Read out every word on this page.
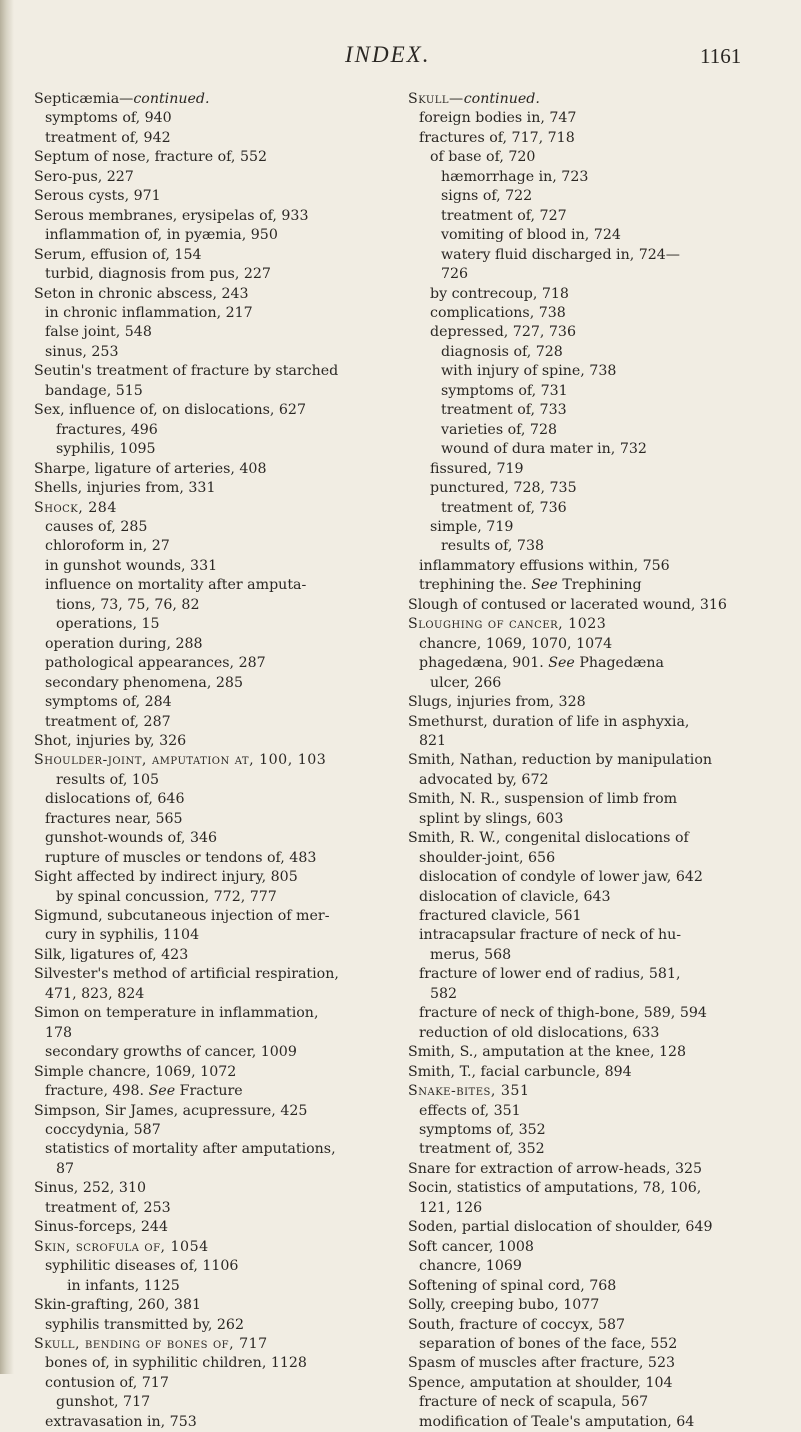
INDEX.	1161
Septicæmia—continued.
symptoms of, 940
treatment of, 942
Septum of nose, fracture of, 552
Sero-pus, 227
Serous cysts, 971
Serous membranes, erysipelas of, 933
inflammation of, in pyæmia, 950
Serum, effusion of, 154
turbid, diagnosis from pus, 227
Seton in chronic abscess, 243
in chronic inflammation, 217
false joint, 548
sinus, 253
Seutin's treatment of fracture by starched
bandage, 515
Sex, influence of, on dislocations, 627
fractures, 496
syphilis, 1095
Sharpe, ligature of arteries, 408
Shells, injuries from, 331
Shock, 284
causes of, 285
chloroform in, 27
in gunshot wounds, 331
influence on mortality after amputa-
tions, 73, 75, 76, 82
operations, 15
operation during, 288
pathological appearances, 287
secondary phenomena, 285
symptoms of, 284
treatment of, 287
Shot, injuries by, 326
Shoulder-joint, amputation at, 100, 103
results of, 105
dislocations of, 646
fractures near, 565
gunshot-wounds of, 346
rupture of muscles or tendons of, 483
Sight affected by indirect injury, 805
by spinal concussion, 772, 777
Sigmund, subcutaneous injection of mer-
cury in syphilis, 1104
Silk, ligatures of, 423
Silvester's method of artificial respiration,
471, 823, 824
Simon on temperature in inflammation,
178
secondary growths of cancer, 1009
Simple chancre, 1069, 1072
fracture, 498. See Fracture
Simpson, Sir James, acupressure, 425
coccydynia, 587
statistics of mortality after amputations,
87
Sinus, 252, 310
treatment of, 253
Sinus-forceps, 244
Skin, scrofula of, 1054
syphilitic diseases of, 1106
in infants, 1125
Skin-grafting, 260, 381
syphilis transmitted by, 262
Skull, bending of bones of, 717
bones of, in syphilitic children, 1128
contusion of, 717
gunshot, 717
extravasation in, 753
Skull—continued.
foreign bodies in, 747
fractures of, 717, 718
of base of, 720
hæmorrhage in, 723
signs of, 722
treatment of, 727
vomiting of blood in, 724
watery fluid discharged in, 724—
726
by contrecoup, 718
complications, 738
depressed, 727, 736
diagnosis of, 728
with injury of spine, 738
symptoms of, 731
treatment of, 733
varieties of, 728
wound of dura mater in, 732
fissured, 719
punctured, 728, 735
treatment of, 736
simple, 719
results of, 738
inflammatory effusions within, 756
trephining the. See Trephining
Slough of contused or lacerated wound, 316
Sloughing of cancer, 1023
chancre, 1069, 1070, 1074
phagedæna, 901. See Phagedæna
ulcer, 266
Slugs, injuries from, 328
Smethurst, duration of life in asphyxia,
821
Smith, Nathan, reduction by manipulation
advocated by, 672
Smith, N. R., suspension of limb from
splint by slings, 603
Smith, R. W., congenital dislocations of
shoulder-joint, 656
dislocation of condyle of lower jaw, 642
dislocation of clavicle, 643
fractured clavicle, 561
intracapsular fracture of neck of hu-
merus, 568
fracture of lower end of radius, 581,
582
fracture of neck of thigh-bone, 589, 594
reduction of old dislocations, 633
Smith, S., amputation at the knee, 128
Smith, T., facial carbuncle, 894
Snake-bites, 351
effects of, 351
symptoms of, 352
treatment of, 352
Snare for extraction of arrow-heads, 325
Socin, statistics of amputations, 78, 106,
121, 126
Soden, partial dislocation of shoulder, 649
Soft cancer, 1008
chancre, 1069
Softening of spinal cord, 768
Solly, creeping bubo, 1077
South, fracture of coccyx, 587
separation of bones of the face, 552
Spasm of muscles after fracture, 523
Spence, amputation at shoulder, 104
fracture of neck of scapula, 567
modification of Teale's amputation, 64
